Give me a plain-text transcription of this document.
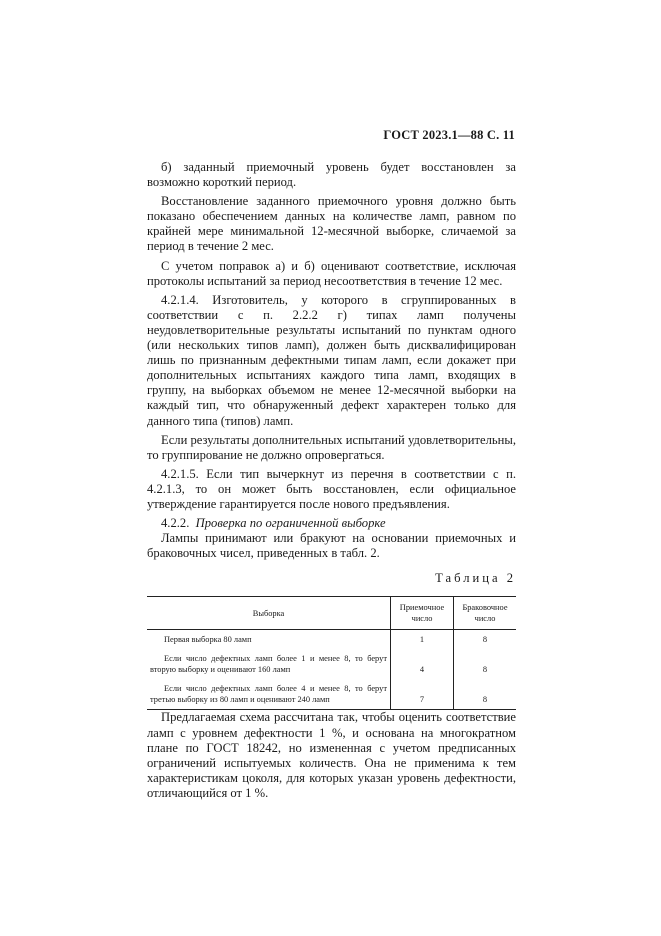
ГОСТ 2023.1—88 С. 11

б) заданный приемочный уровень будет восстановлен за возможно короткий период.

Восстановление заданного приемочного уровня должно быть показано обеспечением данных на количестве ламп, равном по крайней мере минимальной 12-месячной выборке, сличаемой за период в течение 2 мес.

С учетом поправок а) и б) оценивают соответствие, исключая протоколы испытаний за период несоответствия в течение 12 мес.

4.2.1.4. Изготовитель, у которого в сгруппированных в соответствии с п. 2.2.2 г) типах ламп получены неудовлетворительные результаты испытаний по пунктам одного (или нескольких типов ламп), должен быть дисквалифицирован лишь по признанным дефектными типам ламп, если докажет при дополнительных испытаниях каждого типа ламп, входящих в группу, на выборках объемом не менее 12-месячной выборки на каждый тип, что обнаруженный дефект характерен только для данного типа (типов) ламп.

Если результаты дополнительных испытаний удовлетворительны, то группирование не должно опровергаться.

4.2.1.5. Если тип вычеркнут из перечня в соответствии с п. 4.2.1.3, то он может быть восстановлен, если официальное утверждение гарантируется после нового предъявления.

4.2.2. Проверка по ограниченной выборке

Лампы принимают или бракуют на основании приемочных и браковочных чисел, приведенных в табл. 2.

Таблица 2
Выборка	Приемочное число	Браковочное число
Первая выборка 80 ламп	1	8
Если число дефектных ламп более 1 и менее 8, то берут вторую выборку и оценивают 160 ламп	4	8
Если число дефектных ламп более 4 и менее 8, то берут третью выборку из 80 ламп и оценивают 240 ламп	7	8

Предлагаемая схема рассчитана так, чтобы оценить соответствие ламп с уровнем дефектности 1 %, и основана на многократном плане по ГОСТ 18242, но измененная с учетом предписанных ограничений испытуемых количеств. Она не применима к тем характеристикам цоколя, для которых указан уровень дефектности, отличающийся от 1 %.
